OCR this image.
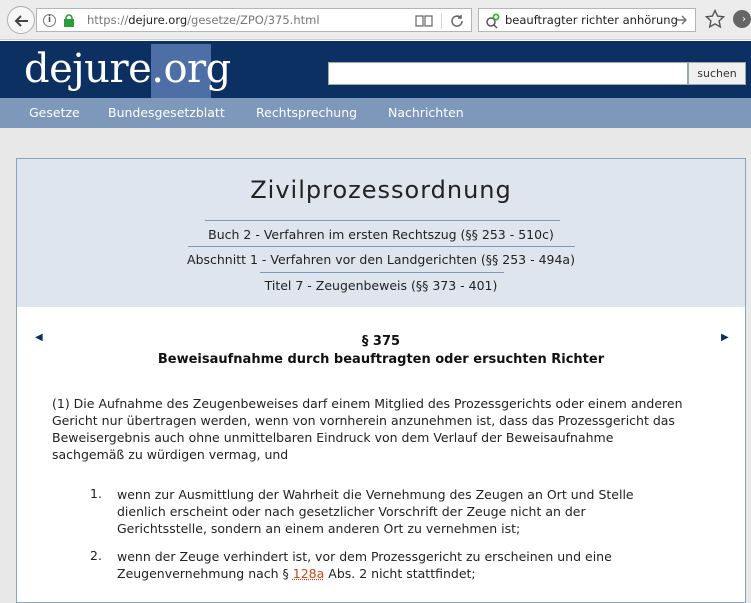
i	https://dejure.org/gesetze/ZPO/375.html	beauftragter richter anhörung	›
dejure.org	suchen
Gesetze Bundesgesetzblatt	Rechtsprechung Nachrichten
Zivilprozessordnung
Buch 2 - Verfahren im ersten Rechtszug (§§ 253 - 510c)
Abschnitt 1 - Verfahren vor den Landgerichten (§§ 253 - 494a)
Titel 7 - Zeugenbeweis (§§ 373 - 401)
◀	▶
§ 375
Beweisaufnahme durch beauftragten oder ersuchten Richter
(1) Die Aufnahme des Zeugenbeweises darf einem Mitglied des Prozessgerichts oder einem anderen
Gericht nur übertragen werden, wenn von vornherein anzunehmen ist, dass das Prozessgericht das
Beweisergebnis auch ohne unmittelbaren Eindruck von dem Verlauf der Beweisaufnahme
sachgemäß zu würdigen vermag, und
1. wenn zur Ausmittlung der Wahrheit die Vernehmung des Zeugen an Ort und Stelle
dienlich erscheint oder nach gesetzlicher Vorschrift der Zeuge nicht an der
Gerichtsstelle, sondern an einem anderen Ort zu vernehmen ist;
2. wenn der Zeuge verhindert ist, vor dem Prozessgericht zu erscheinen und eine
Zeugenvernehmung nach § 128a Abs. 2 nicht stattfindet;
